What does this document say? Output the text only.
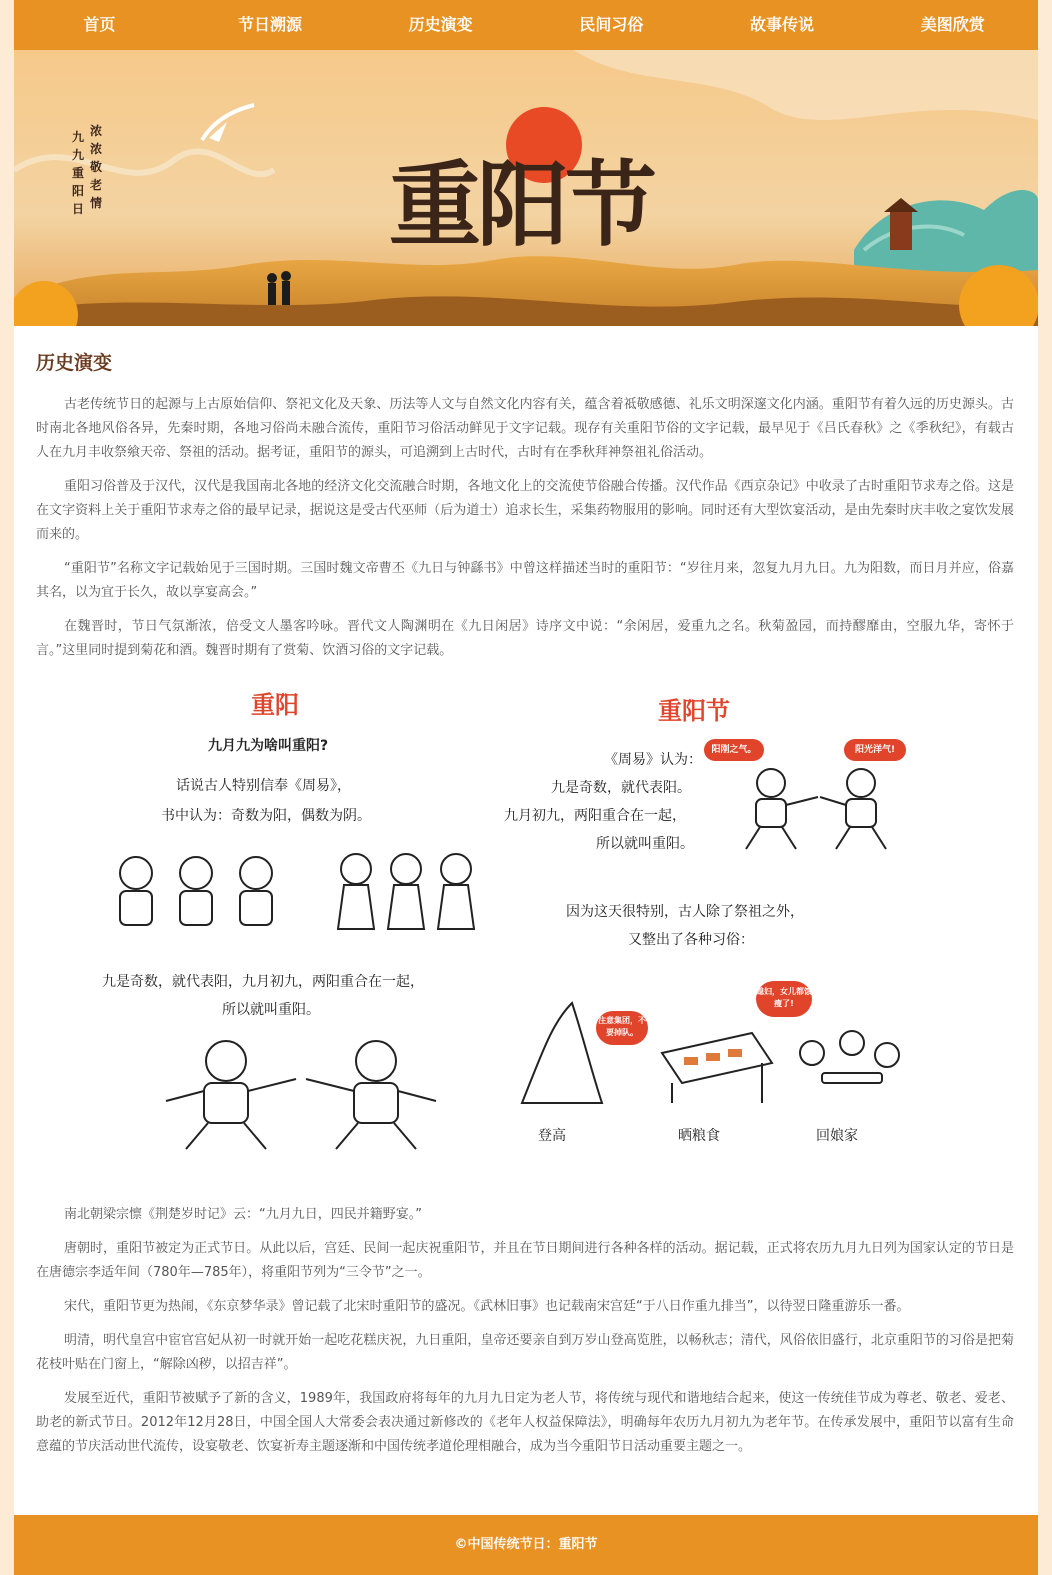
首页	节日溯源	历史演变	民间习俗	故事传说	美图欣赏
重阳节
浓浓敬老情
九九重阳日
历史演变

古老传统节日的起源与上古原始信仰、祭祀文化及天象、历法等人文与自然文化内容有关，蕴含着祗敬感德、礼乐文明深邃文化内涵。重阳节有着久远的历史源头。古时南北各地风俗各异，先秦时期，各地习俗尚未融合流传，重阳节习俗活动鲜见于文字记载。现存有关重阳节俗的文字记载，最早见于《吕氏春秋》之《季秋纪》，有载古人在九月丰收祭飨天帝、祭祖的活动。据考证，重阳节的源头，可追溯到上古时代，古时有在季秋拜神祭祖礼俗活动。

重阳习俗普及于汉代，汉代是我国南北各地的经济文化交流融合时期，各地文化上的交流使节俗融合传播。汉代作品《西京杂记》中收录了古时重阳节求寿之俗。这是在文字资料上关于重阳节求寿之俗的最早记录，据说这是受古代巫师（后为道士）追求长生，采集药物服用的影响。同时还有大型饮宴活动，是由先秦时庆丰收之宴饮发展而来的。

“重阳节”名称文字记载始见于三国时期。三国时魏文帝曹丕《九日与钟繇书》中曾这样描述当时的重阳节：“岁往月来，忽复九月九日。九为阳数，而日月并应，俗嘉其名，以为宜于长久，故以享宴高会。”

在魏晋时，节日气氛渐浓，倍受文人墨客吟咏。晋代文人陶渊明在《九日闲居》诗序文中说：“余闲居，爱重九之名。秋菊盈园，而持醪靡由，空服九华，寄怀于言。”这里同时提到菊花和酒。魏晋时期有了赏菊、饮酒习俗的文字记载。

重阳
九月九为啥叫重阳?
话说古人特别信奉《周易》，
书中认为：奇数为阳，偶数为阴。
九是奇数，就代表阳，九月初九，两阳重合在一起，
所以就叫重阳。
重阳节
《周易》认为：
九是奇数，就代表阳。
九月初九，两阳重合在一起，
所以就叫重阳。
阳刚之气。	阳光洋气!
因为这天很特别，古人除了祭祖之外，
又整出了各种习俗：
注意集团，不要掉队。
媳妇，女儿都饿瘦了!
登高	晒粮食	回娘家

南北朝梁宗懔《荆楚岁时记》云：“九月九日，四民并籍野宴。”

唐朝时，重阳节被定为正式节日。从此以后，宫廷、民间一起庆祝重阳节，并且在节日期间进行各种各样的活动。据记载，正式将农历九月九日列为国家认定的节日是在唐德宗李适年间（780年—785年），将重阳节列为“三令节”之一。

宋代，重阳节更为热闹，《东京梦华录》曾记载了北宋时重阳节的盛况。《武林旧事》也记载南宋宫廷“于八日作重九排当”，以待翌日隆重游乐一番。

明清，明代皇宫中宦官宫妃从初一时就开始一起吃花糕庆祝，九日重阳，皇帝还要亲自到万岁山登高览胜，以畅秋志；清代，风俗依旧盛行，北京重阳节的习俗是把菊花枝叶贴在门窗上，“解除凶秽，以招吉祥”。

发展至近代，重阳节被赋予了新的含义，1989年，我国政府将每年的九月九日定为老人节，将传统与现代和谐地结合起来，使这一传统佳节成为尊老、敬老、爱老、助老的新式节日。2012年12月28日，中国全国人大常委会表决通过新修改的《老年人权益保障法》，明确每年农历九月初九为老年节。在传承发展中，重阳节以富有生命意蕴的节庆活动世代流传，设宴敬老、饮宴祈寿主题逐渐和中国传统孝道伦理相融合，成为当今重阳节日活动重要主题之一。

©中国传统节日：重阳节
